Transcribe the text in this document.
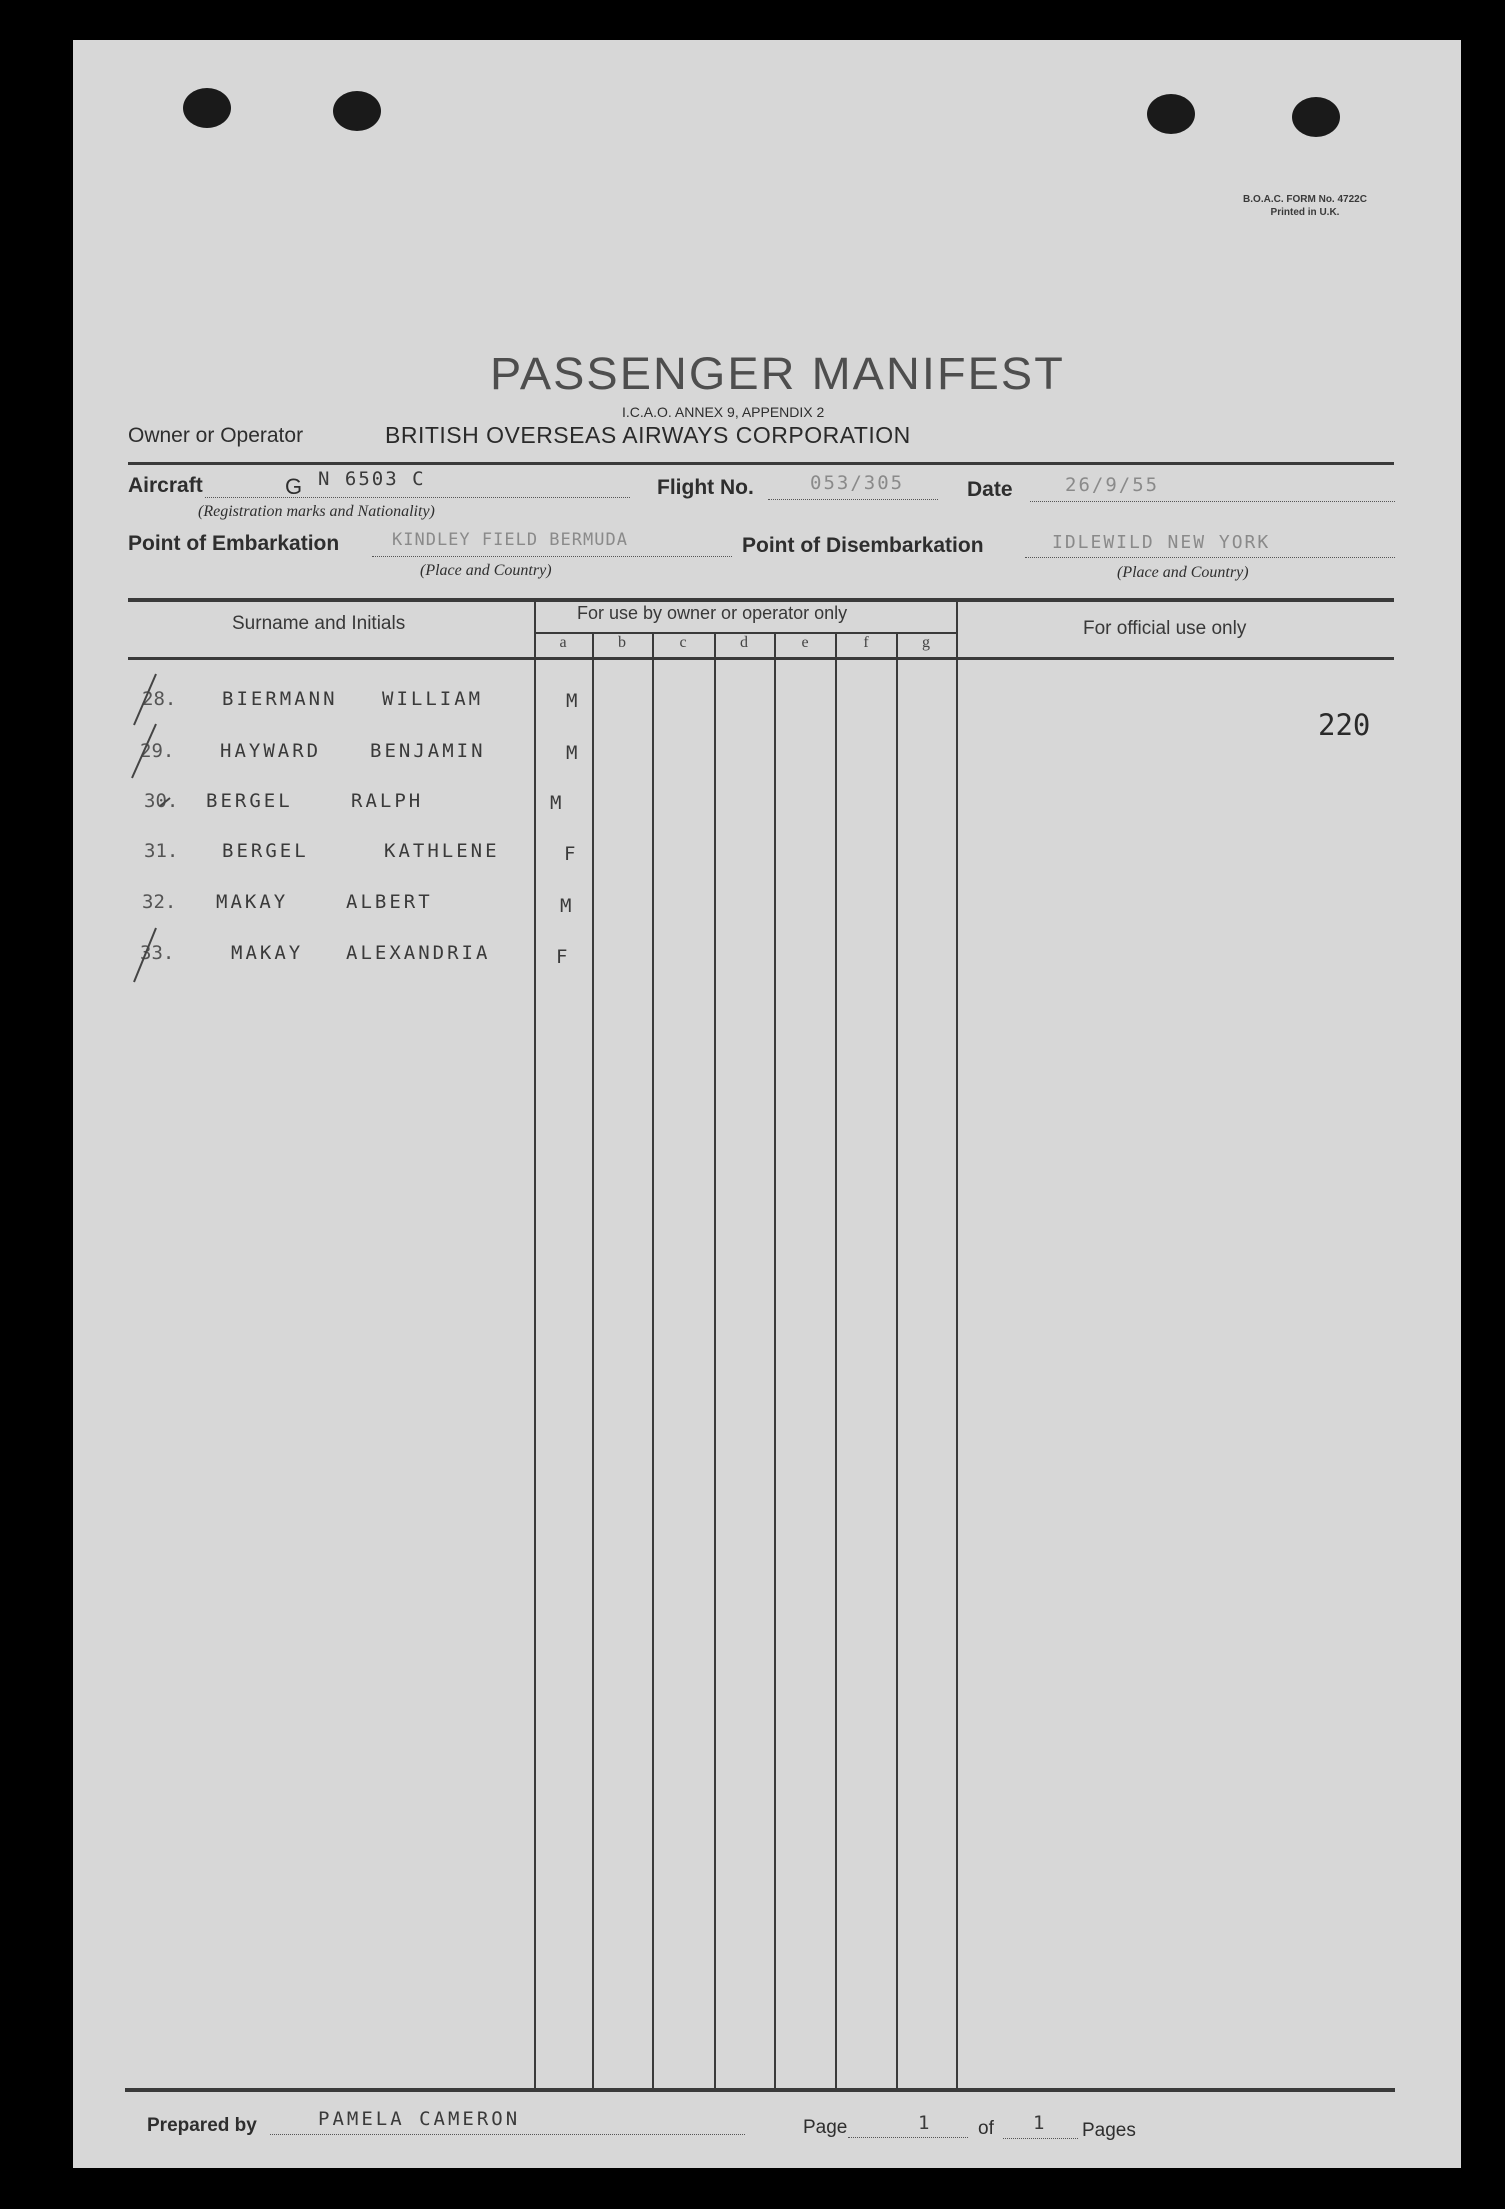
B.O.A.C. FORM No. 4722C
Printed in U.K.
PASSENGER MANIFEST
I.C.A.O. ANNEX 9, APPENDIX 2
Owner or Operator	BRITISH OVERSEAS AIRWAYS CORPORATION
Aircraft	G N 6503 C
(Registration marks and Nationality)
Flight No.	053/305	Date	26/9/55
Point of Embarkation	KINDLEY FIELD BERMUDA
(Place and Country)
Point of Disembarkation	IDLEWILD NEW YORK
(Place and Country)
Surname and Initials	For use by owner or operator only
For official use only
a	b	c	d	e	f	g
28. BIERMANN WILLIAM	M
29. HAYWARD	BENJAMIN	M
30. BERGEL	RALPH	M
31. BERGEL	KATHLENE	F
32. MAKAY	ALBERT	M
33.	MAKAY ALEXANDRIA	F
220
Prepared by	PAMELA CAMERON	Page	1 of 1 Pages
